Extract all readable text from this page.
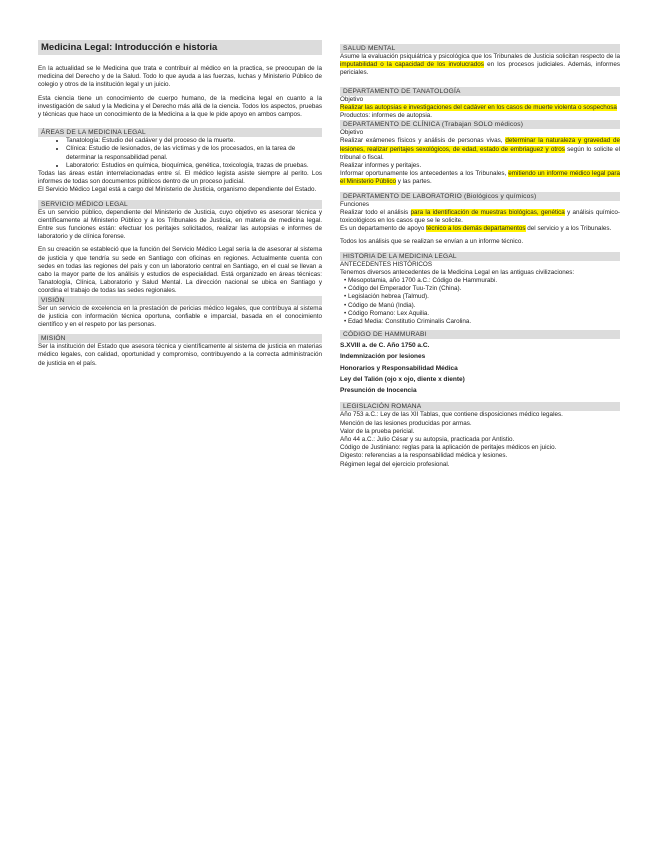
Medicina Legal: Introducción e historia

En la actualidad se le Medicina que trata e contribuir al médico en la practica, se preocupan de la medicina del Derecho y de la Salud. Todo lo que ayuda a las fuerzas, luchas y Ministerio Público de colegio y otros de la institución legal y un juicio.

Esta ciencia tiene un conocimiento de cuerpo humano, de la medicina legal en cuanto a la investigación de salud y la Medicina y el Derecho más allá de la ciencia. Todos los aspectos, pruebas y técnicas que hace un conocimiento de la Medicina a la que le pide apoyo en ambos campos.

ÁREAS DE LA MEDICINA LEGAL
• Tanatología: Estudio del cadáver y del proceso de la muerte.
• Clínica: Estudio de lesionados, de las víctimas y de los procesados, en la tarea de determinar la responsabilidad penal.
• Laboratorio: Estudios en química, bioquímica, genética, toxicología, trazas de pruebas.

Todas las áreas están interrelacionadas entre sí. El médico legista asiste siempre al perito. Los informes de todas son documentos públicos dentro de un proceso judicial.

El Servicio Médico Legal está a cargo del Ministerio de Justicia, organismo dependiente del Estado.

SERVICIO MÉDICO LEGAL

Es un servicio público, dependiente del Ministerio de Justicia, cuyo objetivo es asesorar técnica y científicamente al Ministerio Público y a los Tribunales de Justicia, en materia de medicina legal. Entre sus funciones están: efectuar los peritajes solicitados, realizar las autopsias e informes de laboratorio y de clínica forense.

En su creación se estableció que la función del Servicio Médico Legal sería la de asesorar al sistema de justicia y que tendría su sede en Santiago con oficinas en regiones. Actualmente cuenta con sedes en todas las regiones del país y con un laboratorio central en Santiago, en el cual se llevan a cabo la mayor parte de los análisis y estudios de especialidad. Está organizado en áreas técnicas: Tanatología, Clínica, Laboratorio y Salud Mental. La dirección nacional se ubica en Santiago y coordina el trabajo de todas las sedes regionales.

VISIÓN

Ser un servicio de excelencia en la prestación de pericias médico legales, que contribuya al sistema de justicia con información técnica oportuna, confiable e imparcial, basada en el conocimiento científico y en el respeto por las personas.

MISIÓN

Ser la institución del Estado que asesora técnica y científicamente al sistema de justicia en materias médico legales, con calidad, oportunidad y compromiso, contribuyendo a la correcta administración de justicia en el país.

SALUD MENTAL

Asume la evaluación psiquiátrica y psicológica que los Tribunales de Justicia solicitan respecto de la imputabilidad o la capacidad de los involucrados en los procesos judiciales. Además, informes periciales.

DEPARTAMENTO DE TANATOLOGÍA
Objetivo
Realizar las autopsias e investigaciones del cadáver en los casos de muerte violenta o sospechosa
Productos: informes de autopsia.
DEPARTAMENTO DE CLÍNICA (Trabajan SOLO médicos)
Objetivo

Realizar exámenes físicos y análisis de personas vivas, determinar la naturaleza y gravedad de lesiones, realizar peritajes sexológicos, de edad, estado de embriaguez y otros según lo solicite el tribunal o fiscal.

Realizar informes y peritajes.

Informar oportunamente los antecedentes a los Tribunales, emitiendo un informe médico legal para el Ministerio Público y las partes.

DEPARTAMENTO DE LABORATORIO (Biológicos y químicos)
Funciones

Realizar todo el análisis para la identificación de muestras biológicas, genética y análisis químico-toxicológicos en los casos que se le solicite.

Es un departamento de apoyo técnico a los demás departamentos del servicio y a los Tribunales.

Todos los análisis que se realizan se envían a un informe técnico.

HISTORIA DE LA MEDICINA LEGAL
ANTECEDENTES HISTÓRICOS

Tenemos diversos antecedentes de la Medicina Legal en las antiguas civilizaciones:

• Mesopotamia, año 1700 a.C.: Código de Hammurabi.
• Código del Emperador Tuu-Tzin (China).
• Legislación hebrea (Talmud).
• Código de Manú (India).
• Código Romano: Lex Aquilia.
• Edad Media: Constitutio Criminalis Carolina.
CÓDIGO DE HAMMURABI
S.XVIII a. de C. Año 1750 a.C.
Indemnización por lesiones
Honorarios y Responsabilidad Médica
Ley del Talión (ojo x ojo, diente x diente)
Presunción de Inocencia
LEGISLACIÓN ROMANA
Año 753 a.C.: Ley de las XII Tablas, que contiene disposiciones médico legales.
Mención de las lesiones producidas por armas.
Valor de la prueba pericial.
Año 44 a.C.: Julio César y su autopsia, practicada por Antistio.
Código de Justiniano: reglas para la aplicación de peritajes médicos en juicio.
Digesto: referencias a la responsabilidad médica y lesiones.
Régimen legal del ejercicio profesional.
